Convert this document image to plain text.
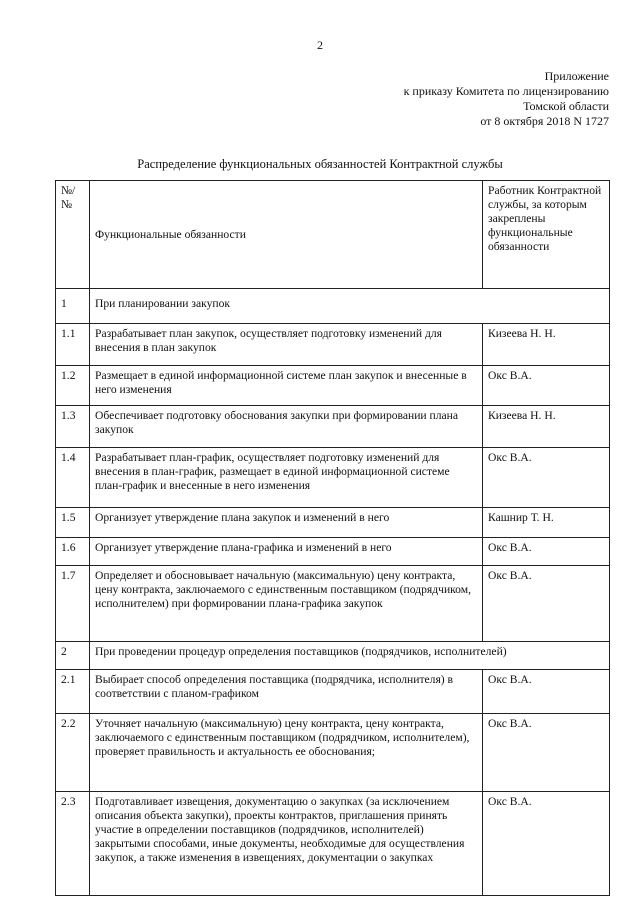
2
Приложение
к приказу Комитета по лицензированию
Томской области
от 8 октября 2018 N 1727
Распределение функциональных обязанностей Контрактной службы
№/ №	Функциональные обязанности	Работник Контрактной службы, за которым закреплены функциональные обязанности
1	При планировании закупок	
1.1	Разрабатывает план закупок, осуществляет подготовку изменений для внесения в план закупок	Кизеева Н. Н.
1.2	Размещает в единой информационной системе план закупок и внесенные в него изменения	Окс В.А.
1.3	Обеспечивает подготовку обоснования закупки при формировании плана закупок	Кизеева Н. Н.
1.4	Разрабатывает план-график, осуществляет подготовку изменений для внесения в план-график, размещает в единой информационной системе план-график и внесенные в него изменения	Окс В.А.
1.5	Организует утверждение плана закупок и изменений в него	Кашнир Т. Н.
1.6	Организует утверждение плана-графика и изменений в него	Окс В.А.
1.7	Определяет и обосновывает начальную (максимальную) цену контракта, цену контракта, заключаемого с единственным поставщиком (подрядчиком, исполнителем) при формировании плана-графика закупок	Окс В.А.
2	При проведении процедур определения поставщиков (подрядчиков, исполнителей)	
2.1	Выбирает способ определения поставщика (подрядчика, исполнителя) в соответствии с планом-графиком	Окс В.А.
2.2	Уточняет начальную (максимальную) цену контракта, цену контракта, заключаемого с единственным поставщиком (подрядчиком, исполнителем), проверяет правильность и актуальность ее обоснования;	Окс В.А.
2.3	Подготавливает извещения, документацию о закупках (за исключением описания объекта закупки), проекты контрактов, приглашения принять участие в определении поставщиков (подрядчиков, исполнителей) закрытыми способами, иные документы, необходимые для осуществления закупок, а также изменения в извещениях, документации о закупках	Окс В.А.
